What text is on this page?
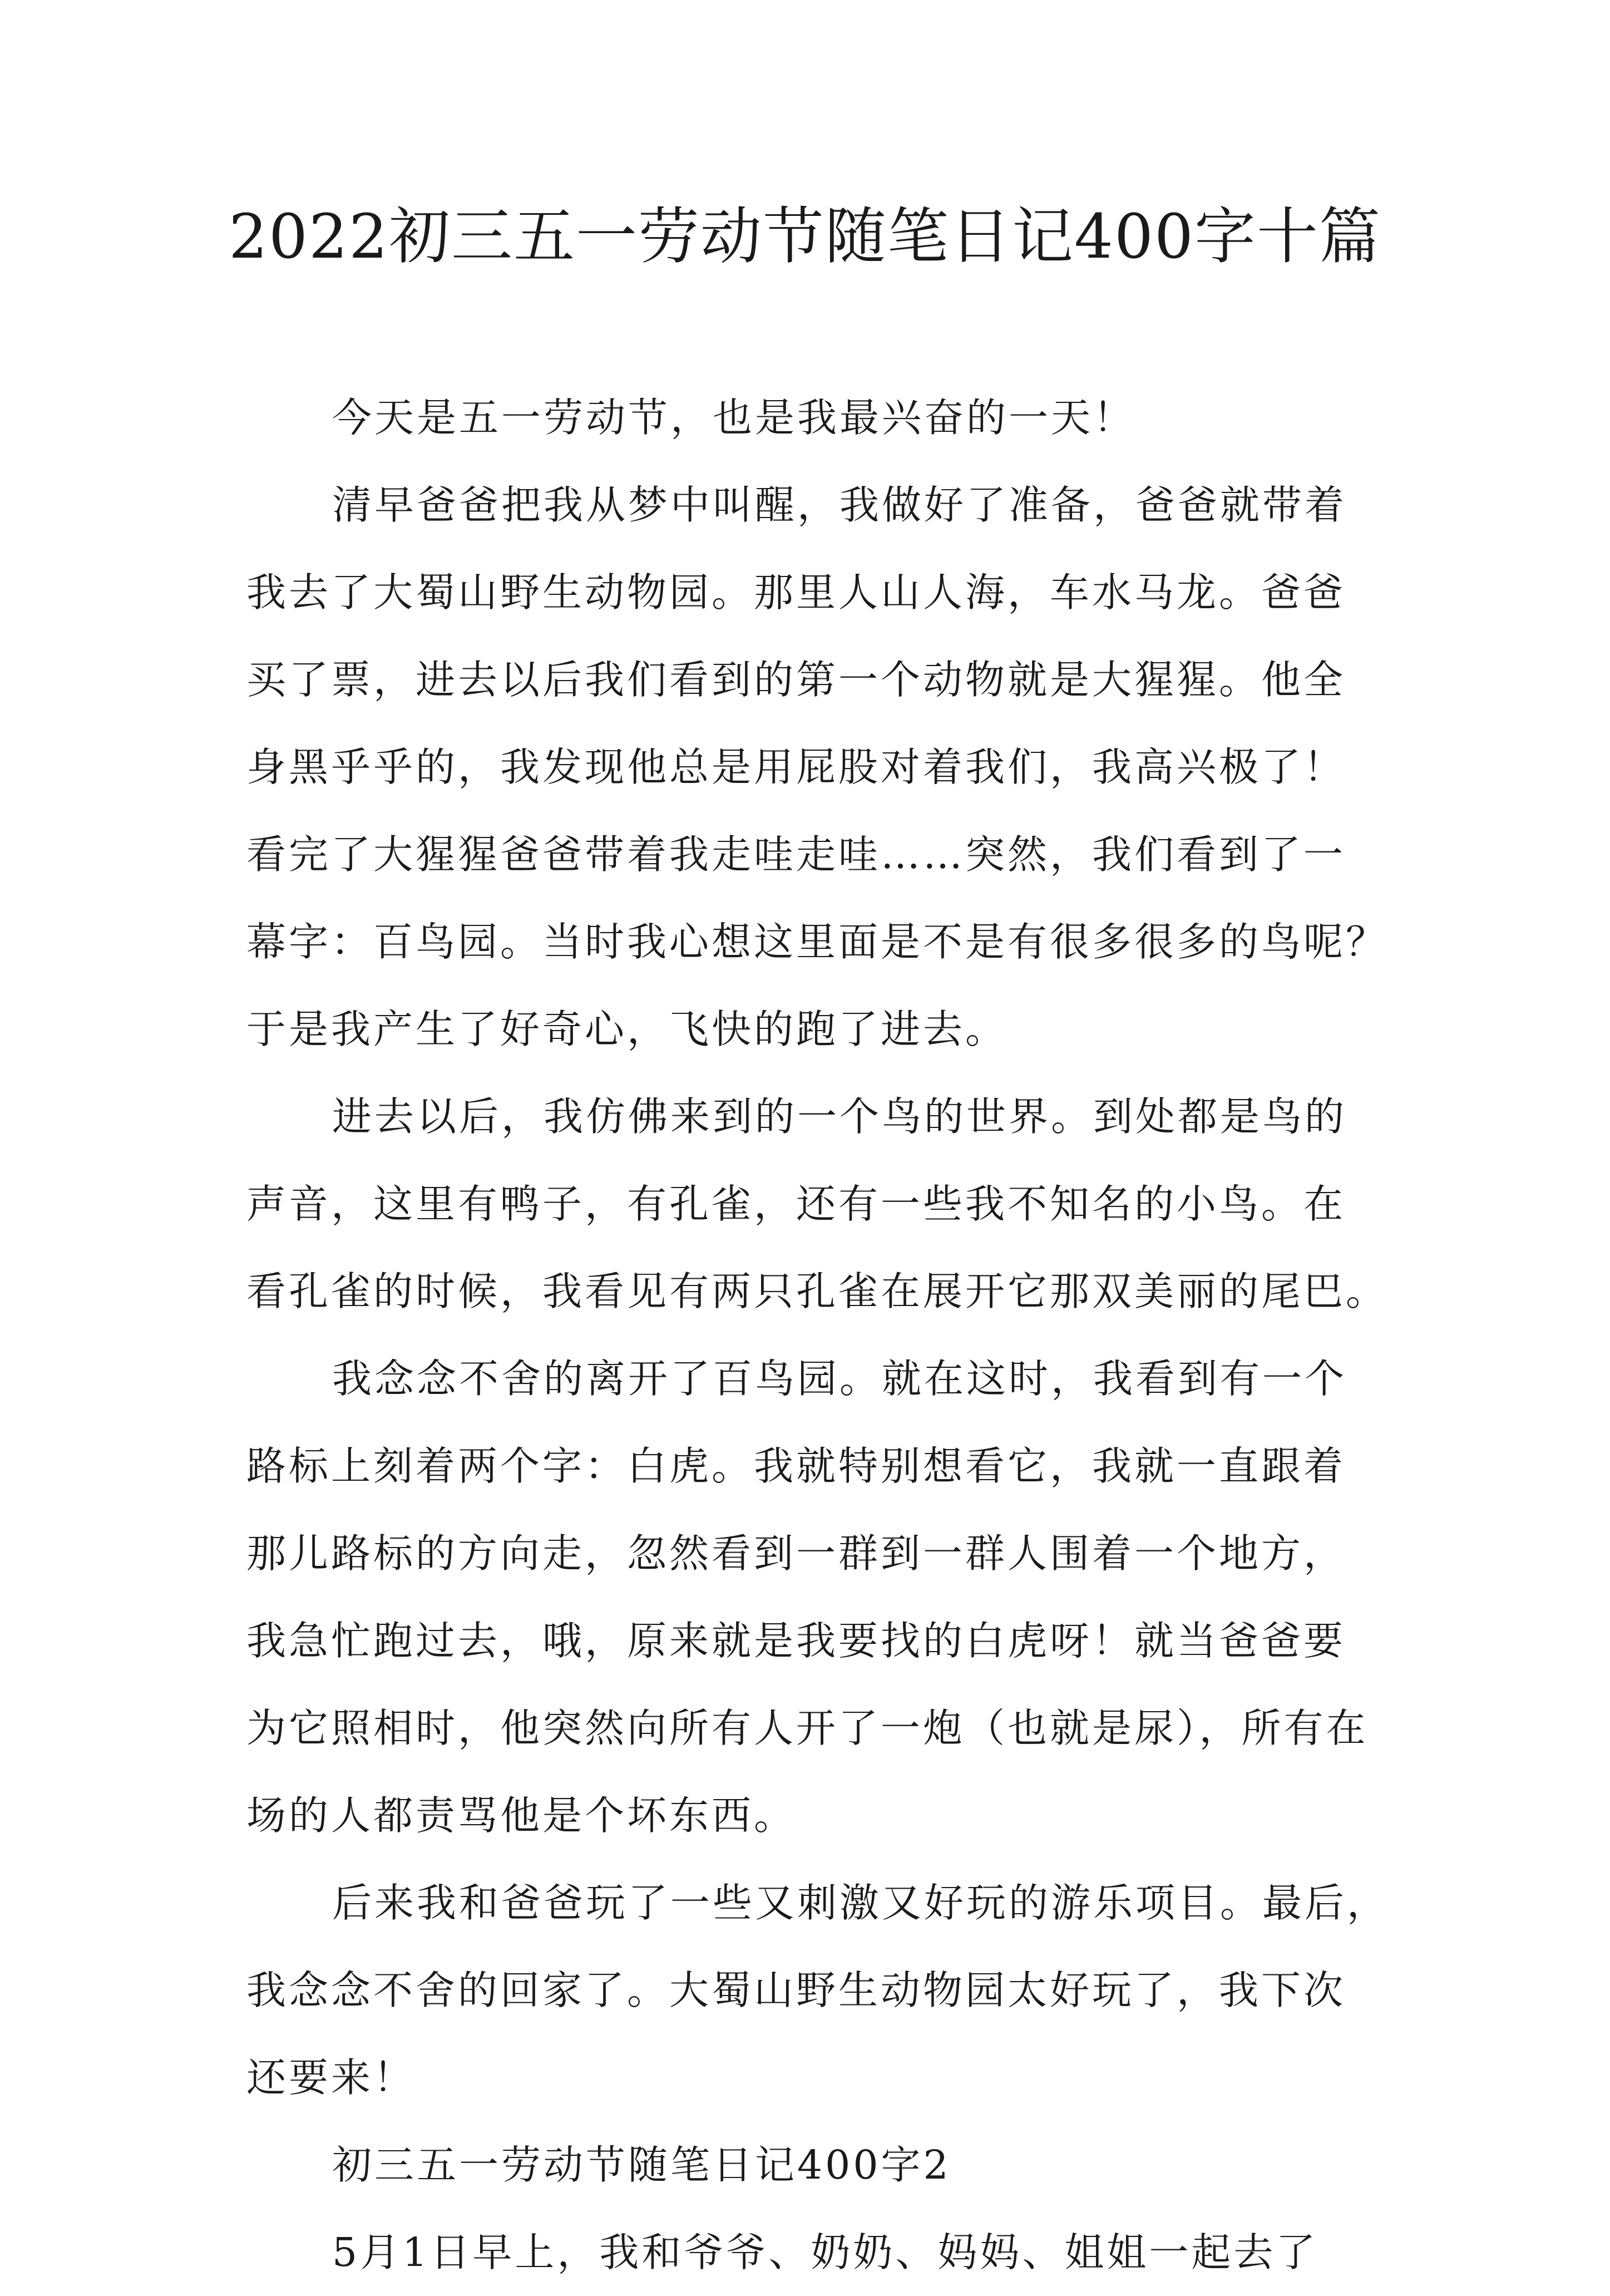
2022初三五一劳动节随笔日记400字十篇

今天是五一劳动节，也是我最兴奋的一天！

清早爸爸把我从梦中叫醒，我做好了准备，爸爸就带着

我去了大蜀山野生动物园。那里人山人海，车水马龙。爸爸

买了票，进去以后我们看到的第一个动物就是大猩猩。他全

身黑乎乎的，我发现他总是用屁股对着我们，我高兴极了！

看完了大猩猩爸爸带着我走哇走哇……突然，我们看到了一

幕字：百鸟园。当时我心想这里面是不是有很多很多的鸟呢？

于是我产生了好奇心，飞快的跑了进去。

进去以后，我仿佛来到的一个鸟的世界。到处都是鸟的

声音，这里有鸭子，有孔雀，还有一些我不知名的小鸟。在

看孔雀的时候，我看见有两只孔雀在展开它那双美丽的尾巴。

我念念不舍的离开了百鸟园。就在这时，我看到有一个

路标上刻着两个字：白虎。我就特别想看它，我就一直跟着

那儿路标的方向走，忽然看到一群到一群人围着一个地方，

我急忙跑过去，哦，原来就是我要找的白虎呀！就当爸爸要

为它照相时，他突然向所有人开了一炮（也就是尿），所有在

场的人都责骂他是个坏东西。

后来我和爸爸玩了一些又刺激又好玩的游乐项目。最后，

我念念不舍的回家了。大蜀山野生动物园太好玩了，我下次

还要来！

初三五一劳动节随笔日记400字2

5月1日早上，我和爷爷、奶奶、妈妈、姐姐一起去了
